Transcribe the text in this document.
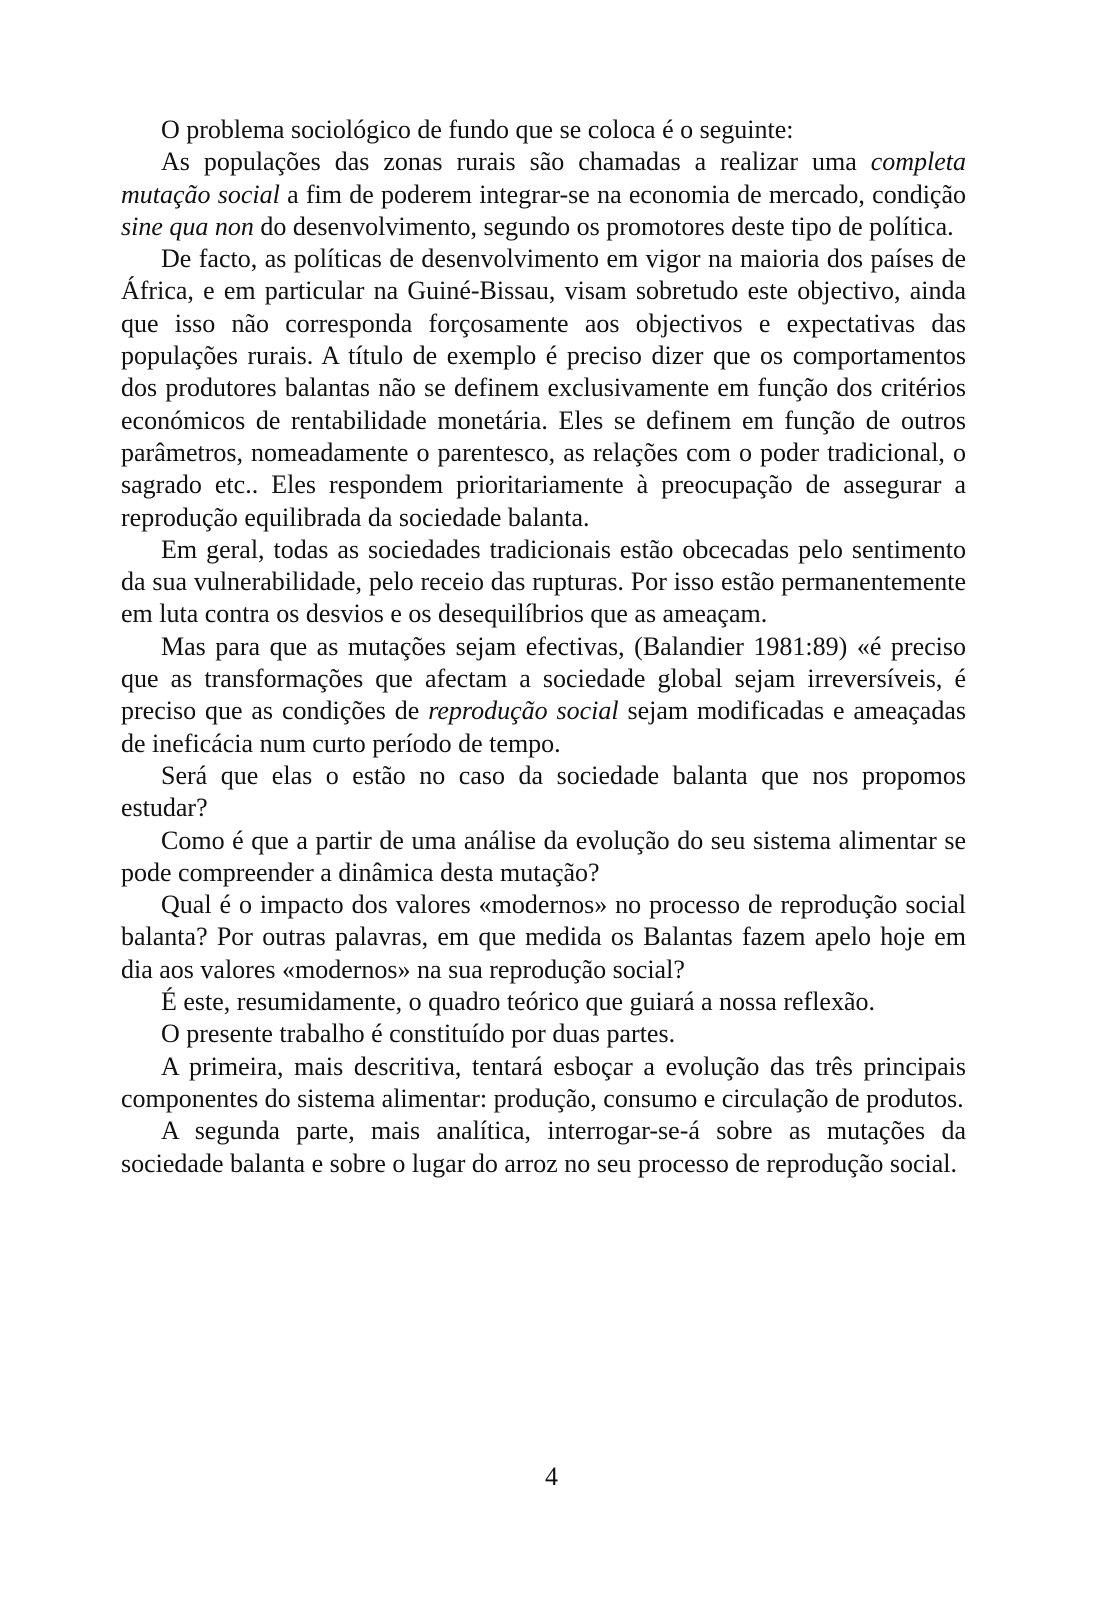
O problema sociológico de fundo que se coloca é o seguinte:

As populações das zonas rurais são chamadas a realizar uma completa mutação social a fim de poderem integrar-se na economia de mercado, condição sine qua non do desenvolvimento, segundo os promotores deste tipo de política.

De facto, as políticas de desenvolvimento em vigor na maioria dos países de África, e em particular na Guiné-Bissau, visam sobretudo este objectivo, ainda que isso não corresponda forçosamente aos objectivos e expectativas das populações rurais. A título de exemplo é preciso dizer que os comportamentos dos produtores balantas não se definem exclusivamente em função dos critérios económicos de rentabilidade monetária. Eles se definem em função de outros parâmetros, nomeadamente o parentesco, as relações com o poder tradicional, o sagrado etc.. Eles respondem prioritariamente à preocupação de assegurar a reprodução equilibrada da sociedade balanta.

Em geral, todas as sociedades tradicionais estão obcecadas pelo sentimento da sua vulnerabilidade, pelo receio das rupturas. Por isso estão permanentemente em luta contra os desvios e os desequilíbrios que as ameaçam.

Mas para que as mutações sejam efectivas, (Balandier 1981:89) «é preciso que as transformações que afectam a sociedade global sejam irreversíveis, é preciso que as condições de reprodução social sejam modificadas e ameaçadas de ineficácia num curto período de tempo.

Será que elas o estão no caso da sociedade balanta que nos propomos estudar?

Como é que a partir de uma análise da evolução do seu sistema alimentar se pode compreender a dinâmica desta mutação?

Qual é o impacto dos valores «modernos» no processo de reprodução social balanta? Por outras palavras, em que medida os Balantas fazem apelo hoje em dia aos valores «modernos» na sua reprodução social?

É este, resumidamente, o quadro teórico que guiará a nossa reflexão.

O presente trabalho é constituído por duas partes.

A primeira, mais descritiva, tentará esboçar a evolução das três principais componentes do sistema alimentar: produção, consumo e circulação de produtos.

A segunda parte, mais analítica, interrogar-se-á sobre as mutações da sociedade balanta e sobre o lugar do arroz no seu processo de reprodução social.

4
